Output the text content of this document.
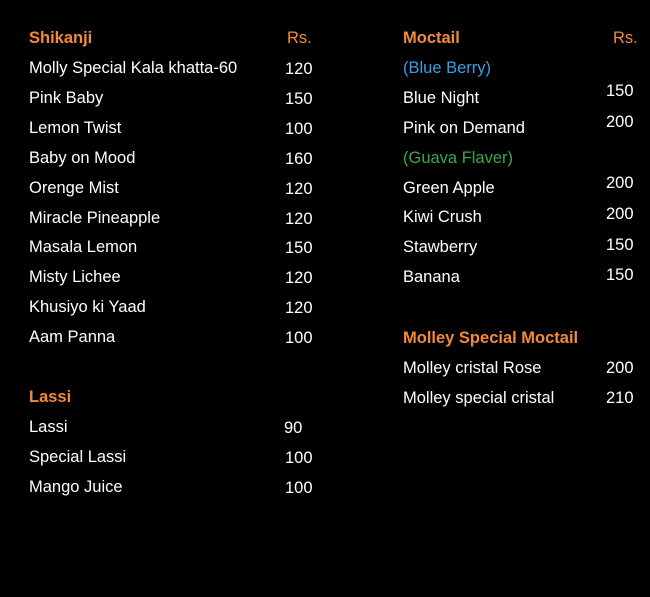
Shikanji	Rs.
Molly Special Kala khatta-60	120
Pink Baby	150
Lemon Twist	100
Baby on Mood	160
Orenge Mist	120
Miracle Pineapple	120
Masala Lemon	150
Misty Lichee	120
Khusiyo ki Yaad	120
Aam Panna	100
Lassi
Lassi	90
Special Lassi	100
Mango Juice	100
Moctail	Rs.
(Blue Berry)
Blue Night	150
Pink on Demand	200
(Guava Flaver)
Green Apple	200
Kiwi Crush	200
Stawberry	150
Banana	150
Molley Special Moctail
Molley cristal Rose	200
Molley special cristal	210
